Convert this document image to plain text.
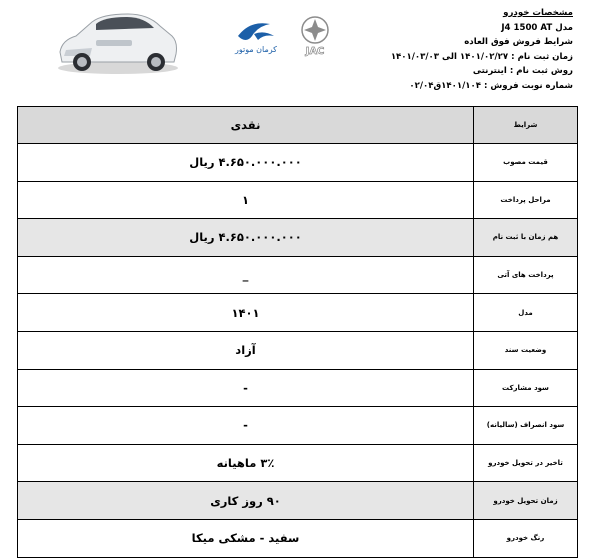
کرمان موتور	JAC
مشخصات خودرو
مدل J4 1500 AT
شرایط فروش فوق العاده
زمان ثبت نام : ۱۴۰۱/۰۲/۲۷ الی ۱۴۰۱/۰۳/۰۳
روش ثبت نام : اینترنتی
شماره نوبت فروش : ۱۴۰۱/۱۰۴ق۰۲/۰۴
نقدی	شرایط
۴.۶۵۰.۰۰۰.۰۰۰ ریال	قیمت مصوب
۱	مراحل پرداخت
۴.۶۵۰.۰۰۰.۰۰۰ ریال	هم زمان با ثبت نام
_	پرداخت های آتی
۱۴۰۱	مدل
آزاد	وضعیت سند
-	سود مشارکت
-	سود انصراف (سالیانه)
۳٪ ماهیانه	تاخیر در تحویل خودرو
۹۰ روز کاری	زمان تحویل خودرو
سفید - مشکی میکا	رنگ خودرو
